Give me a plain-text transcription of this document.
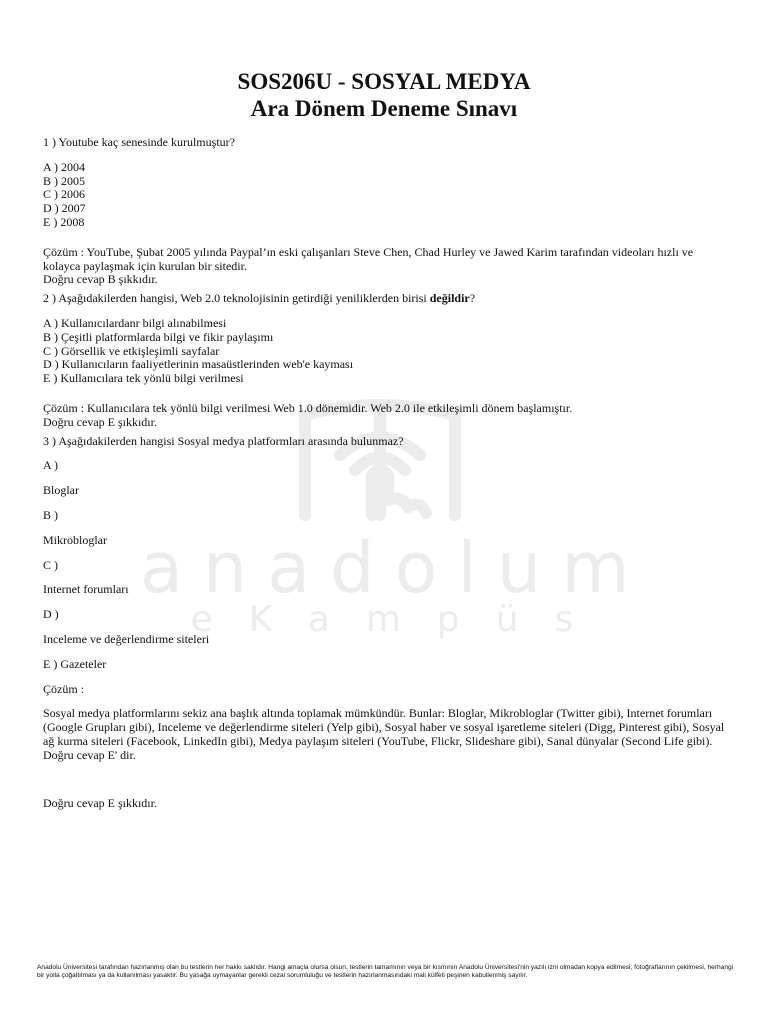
anadolum
eKampüs
SOS206U - SOSYAL MEDYA
Ara Dönem Deneme Sınavı

1 ) Youtube kaç senesinde kurulmuştur?

A ) 2004

B ) 2005

C ) 2006

D ) 2007

E ) 2008

Çözüm : YouTube, Şubat 2005 yılında Paypal’ın eski çalışanları Steve Chen, Chad Hurley ve Jawed Karim tarafından videoları hızlı ve kolayca paylaşmak için kurulan bir sitedir.

Doğru cevap B şıkkıdır.

2 ) Aşağıdakilerden hangisi, Web 2.0 teknolojisinin getirdiği yeniliklerden birisi değildir?

A ) Kullanıcılardanr bilgi alınabilmesi

B ) Çeşitli platformlarda bilgi ve fikir paylaşımı

C ) Görsellik ve etkişleşimli sayfalar

D ) Kullanıcıların faaliyetlerinin masaüstlerinden web'e kayması

E ) Kullanıcılara tek yönlü bilgi verilmesi

Çözüm : Kullanıcılara tek yönlü bilgi verilmesi Web 1.0 dönemidir. Web 2.0 ile etkileşimli dönem başlamıştır.

Doğru cevap E şıkkıdır.

3 ) Aşağıdakilerden hangisi Sosyal medya platformları arasında bulunmaz?

A )

Bloglar

B )

Mikrobloglar

C )

Internet forumları

D )

Inceleme ve değerlendirme siteleri

E ) Gazeteler

Çözüm :

Sosyal medya platformlarını sekiz ana başlık altında toplamak mümkündür. Bunlar: Bloglar, Mikrobloglar (Twitter gibi), Internet forumları (Google Grupları gibi), Inceleme ve değerlendirme siteleri (Yelp gibi), Sosyal haber ve sosyal işaretleme siteleri (Digg, Pinterest gibi), Sosyal ağ kurma siteleri (Facebook, LinkedIn gibi), Medya paylaşım siteleri (YouTube, Flickr, Slideshare gibi), Sanal dünyalar (Second Life gibi). Doğru cevap E' dir.

Doğru cevap E şıkkıdır.

Anadolu Üniversitesi tarafından hazırlanmış olan bu testlerin her hakkı saklıdır. Hangi amaçla olursa olsun, testlerin tamamının veya bir kısmının Anadolu Üniversitesi'nin yazılı izni olmadan kopya edilmesi, fotoğraflarının çekilmesi, herhangi bir yolla çoğaltılması ya da kullanılması yasaktır. Bu yasağa uymayanlar gerekli cezai sorumluluğu ve testlerin hazırlanmasındaki mali külfeti peşinen kabullenmiş sayılır.
